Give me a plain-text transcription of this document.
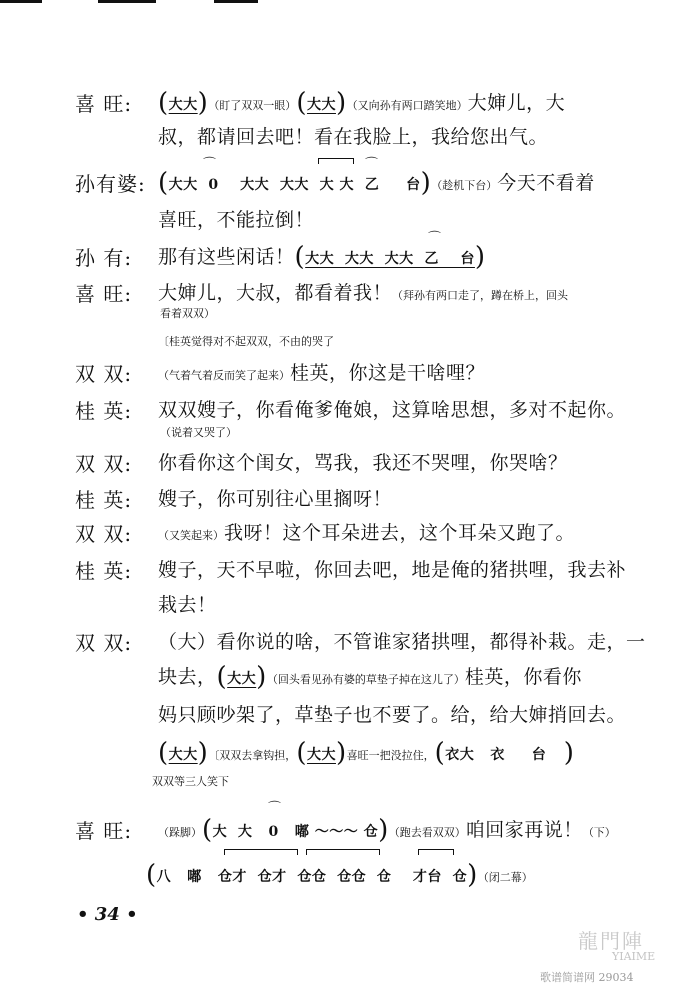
喜 旺: (大大)（盯了双双一眼）(大大)（又向孙有两口踏笑地）大婶儿，大
叔，都请回去吧！看在我脸上，我给您出气。
孙有婆:
⌒	⌒
(大大  0    大大  大大  大 大  乙     台)（趁机下台）今天不看着
喜旺，不能拉倒！
孙 有:
⌒
那有这些闲话！(大大  大大  大大  乙    台)
喜 旺: 大婶儿，大叔，都看着我！（拜孙有两口走了，蹲在桥上，回头
看着双双）
〔桂英觉得对不起双双，不由的哭了
双 双: （气着气着反而笑了起来）桂英，你这是干啥哩？
桂 英: 双双嫂子，你看俺爹俺娘，这算啥思想，多对不起你。
（说着又哭了）
双 双: 你看你这个闺女，骂我，我还不哭哩，你哭啥？
桂 英: 嫂子，你可别往心里搁呀！
双 双: （又笑起来）我呀！这个耳朵进去，这个耳朵又跑了。
桂 英: 嫂子，天不早啦，你回去吧，地是俺的猪拱哩，我去补
栽去！
双 双: （大）看你说的啥，不管谁家猪拱哩，都得补栽。走，一
块去，(大大)（回头看见孙有婆的草垫子掉在这儿了）桂英，你看你
妈只顾吵架了，草垫子也不要了。给，给大婶捎回去。
(大大)〔双双去拿钩担，(大大)喜旺一把没拉住，(衣大   衣     台  )
双双等三人笑下
喜 旺:
⌒
（跺脚）(大  大   0   嘟 ～～～ 仓)（跑去看双双）咱回家再说！（下）
(八   嘟   仓才  仓才  仓仓  仓仓  仓    才台  仓)（闭二幕）
• 34 •
龍門陣
YIAIME
歌谱简谱网 29034
